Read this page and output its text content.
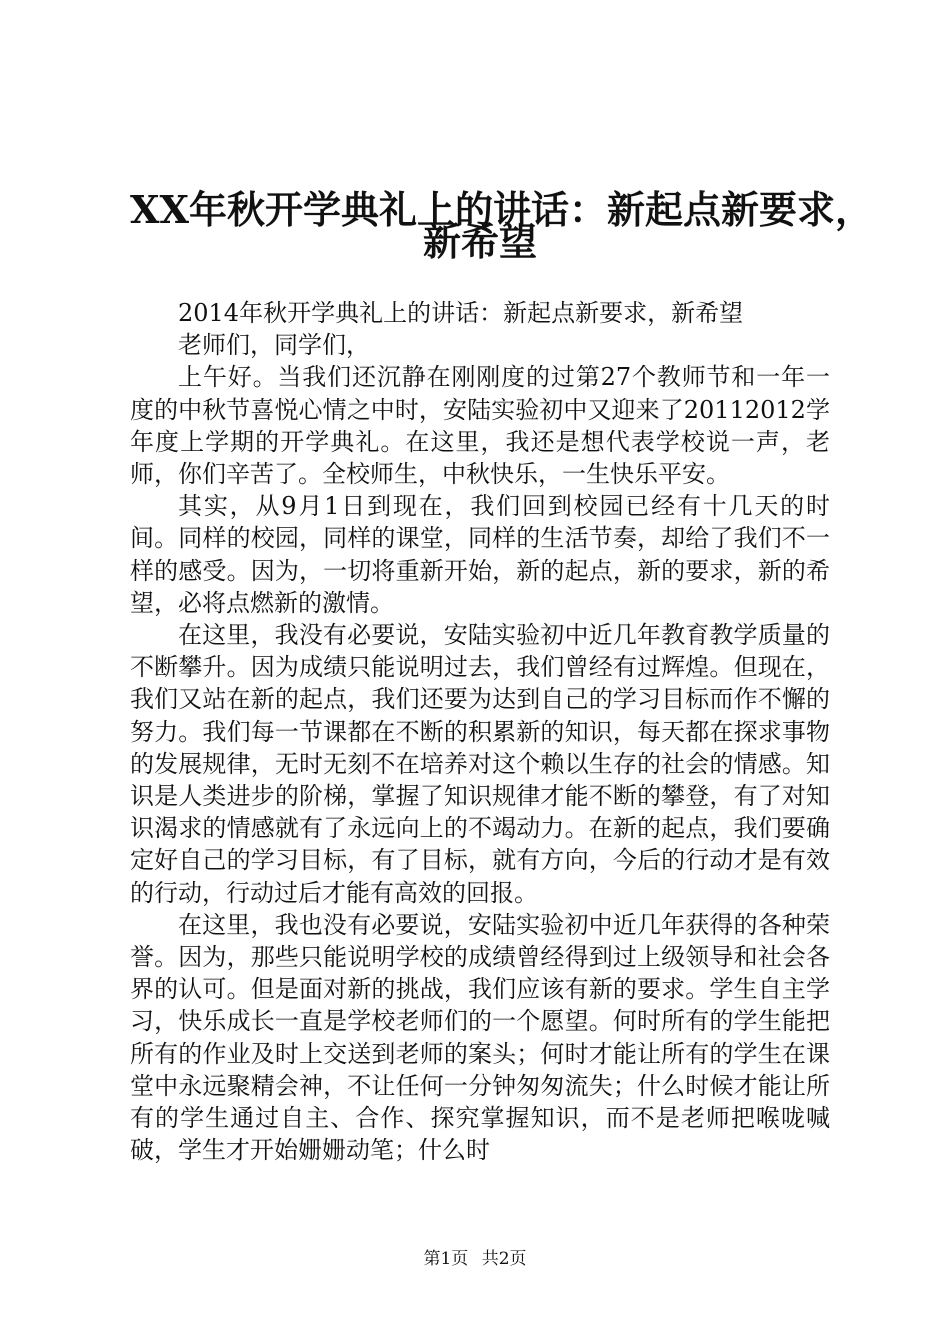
XX年秋开学典礼上的讲话：新起点新要求，
新希望

2014年秋开学典礼上的讲话：新起点新要求，新希望

老师们，同学们，

上午好。当我们还沉静在刚刚度的过第27个教师节和一年一度的中秋节喜悦心情之中时，安陆实验初中又迎来了20112012学年度上学期的开学典礼。在这里，我还是想代表学校说一声，老师，你们辛苦了。全校师生，中秋快乐，一生快乐平安。

其实，从9月1日到现在，我们回到校园已经有十几天的时间。同样的校园，同样的课堂，同样的生活节奏，却给了我们不一样的感受。因为，一切将重新开始，新的起点，新的要求，新的希望，必将点燃新的激情。

在这里，我没有必要说，安陆实验初中近几年教育教学质量的不断攀升。因为成绩只能说明过去，我们曾经有过辉煌。但现在，我们又站在新的起点，我们还要为达到自己的学习目标而作不懈的努力。我们每一节课都在不断的积累新的知识，每天都在探求事物的发展规律，无时无刻不在培养对这个赖以生存的社会的情感。知识是人类进步的阶梯，掌握了知识规律才能不断的攀登，有了对知识渴求的情感就有了永远向上的不竭动力。在新的起点，我们要确定好自己的学习目标，有了目标，就有方向，今后的行动才是有效的行动，行动过后才能有高效的回报。

在这里，我也没有必要说，安陆实验初中近几年获得的各种荣誉。因为，那些只能说明学校的成绩曾经得到过上级领导和社会各界的认可。但是面对新的挑战，我们应该有新的要求。学生自主学习，快乐成长一直是学校老师们的一个愿望。何时所有的学生能把所有的作业及时上交送到老师的案头；何时才能让所有的学生在课堂中永远聚精会神，不让任何一分钟匆匆流失；什么时候才能让所有的学生通过自主、合作、探究掌握知识，而不是老师把喉咙喊破，学生才开始姗姗动笔；什么时

第1页 共2页
